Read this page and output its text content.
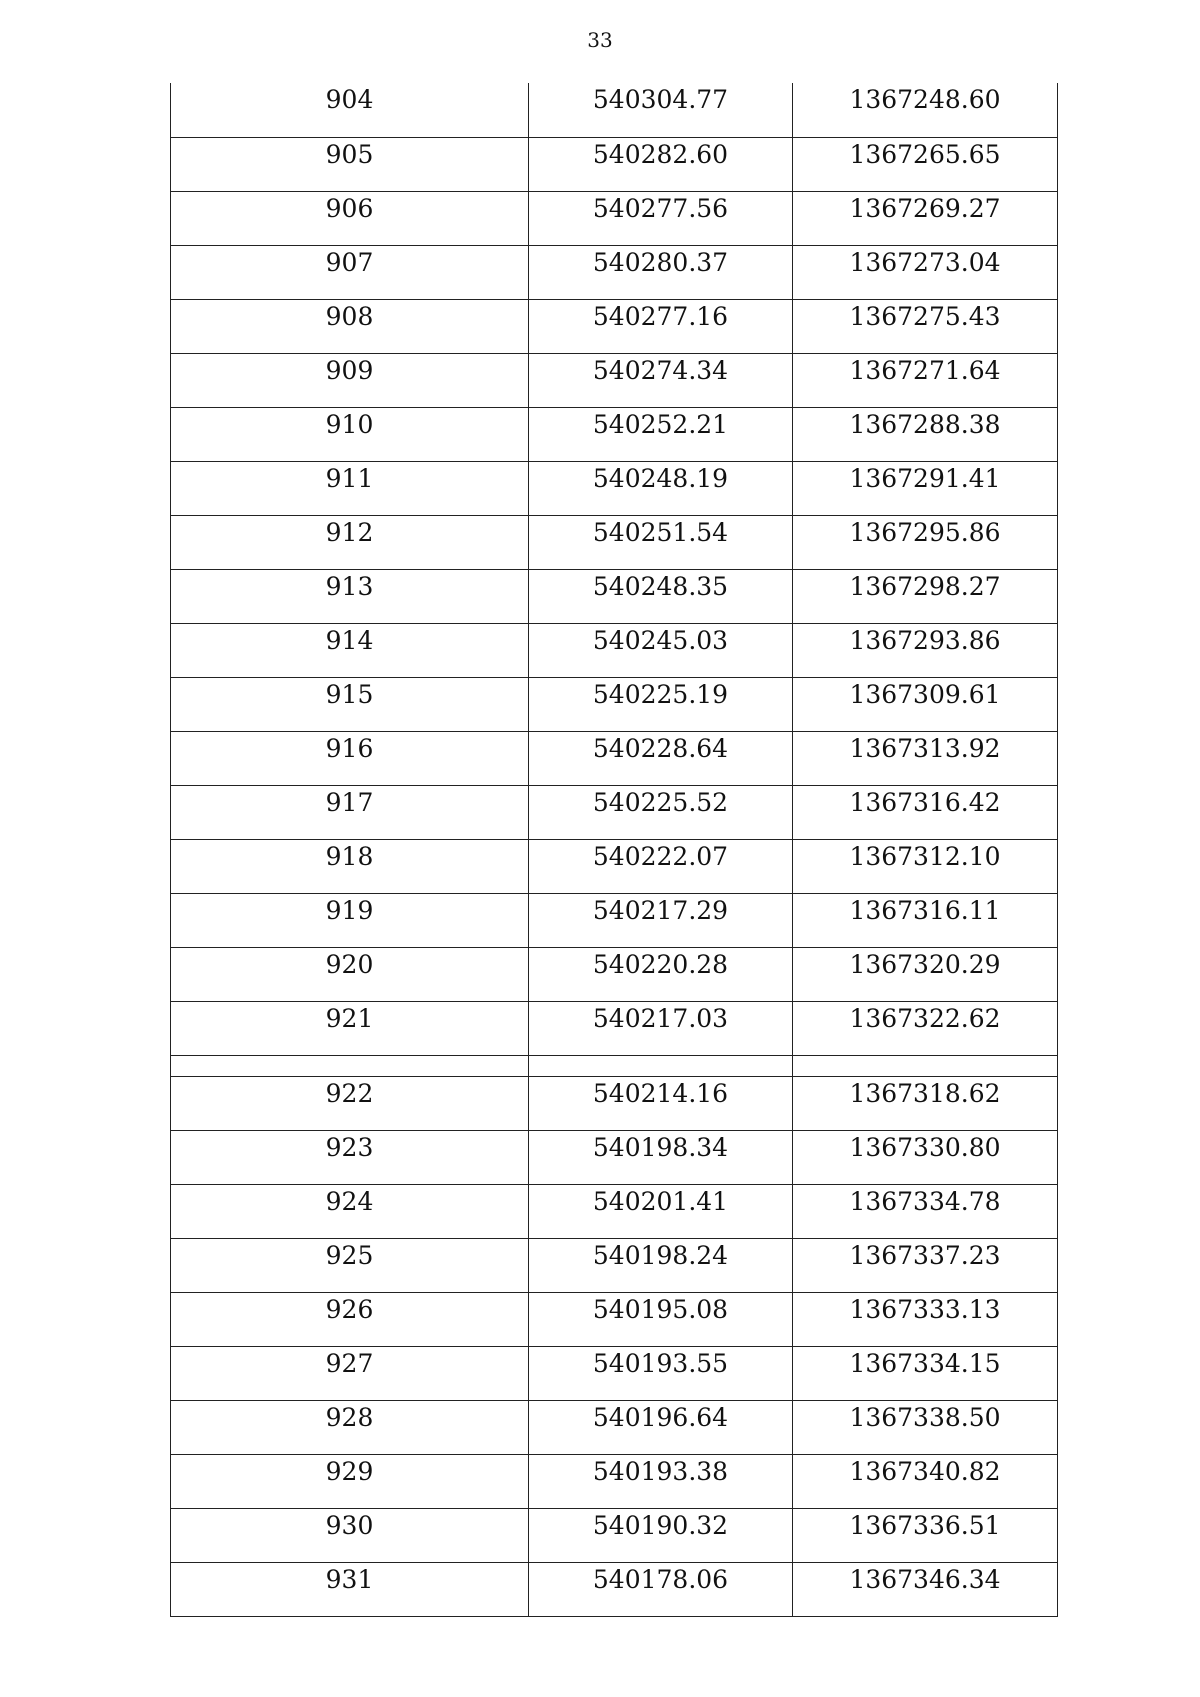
33
904	540304.77	1367248.60
905	540282.60	1367265.65
906	540277.56	1367269.27
907	540280.37	1367273.04
908	540277.16	1367275.43
909	540274.34	1367271.64
910	540252.21	1367288.38
911	540248.19	1367291.41
912	540251.54	1367295.86
913	540248.35	1367298.27
914	540245.03	1367293.86
915	540225.19	1367309.61
916	540228.64	1367313.92
917	540225.52	1367316.42
918	540222.07	1367312.10
919	540217.29	1367316.11
920	540220.28	1367320.29
921	540217.03	1367322.62

922	540214.16	1367318.62
923	540198.34	1367330.80
924	540201.41	1367334.78
925	540198.24	1367337.23
926	540195.08	1367333.13
927	540193.55	1367334.15
928	540196.64	1367338.50
929	540193.38	1367340.82
930	540190.32	1367336.51
931	540178.06	1367346.34
